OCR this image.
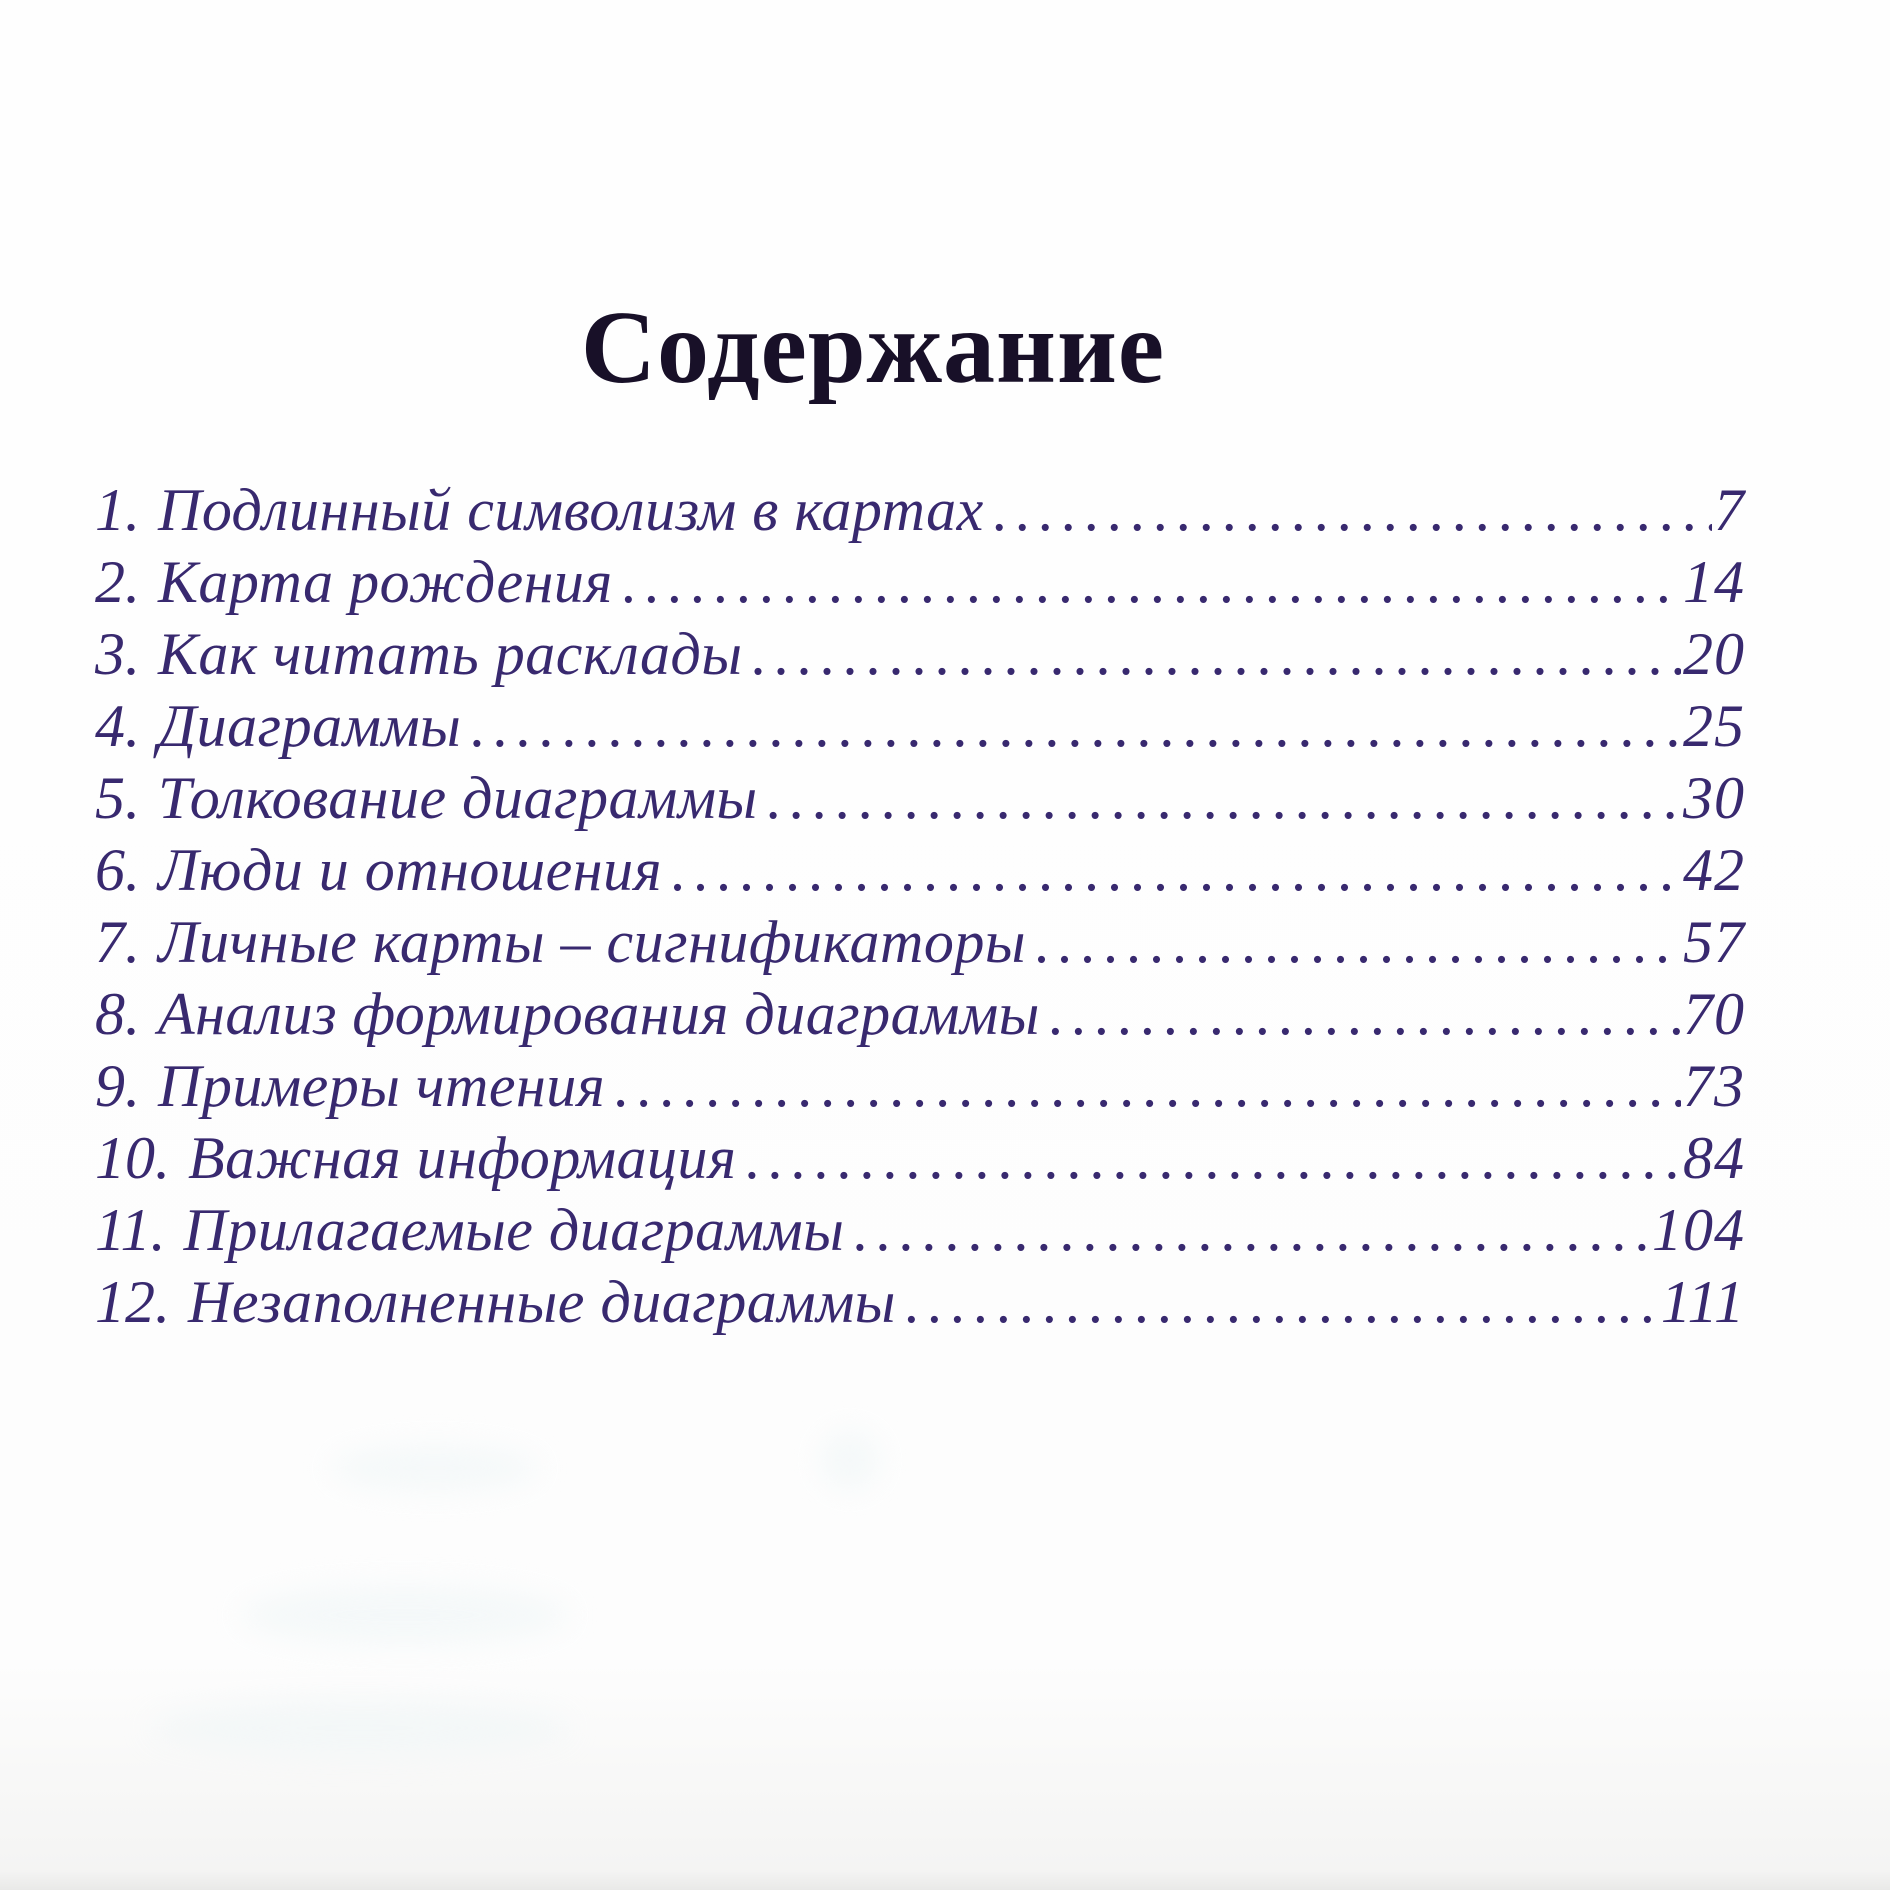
Содержание
1. Подлинный символизм в картах .....	7
2. Карта рождения .....	14
3. Как читать расклады .....	20
4. Диаграммы .....	25
5. Толкование диаграммы .....	30
6. Люди и отношения .....	42
7. Личные карты – сигнификаторы .....	57
8. Анализ формирования диаграммы .....	70
9. Примеры чтения .....	73
10. Важная информация .....	84
11. Прилагаемые диаграммы .....	104
12. Незаполненные диаграммы .....	111
